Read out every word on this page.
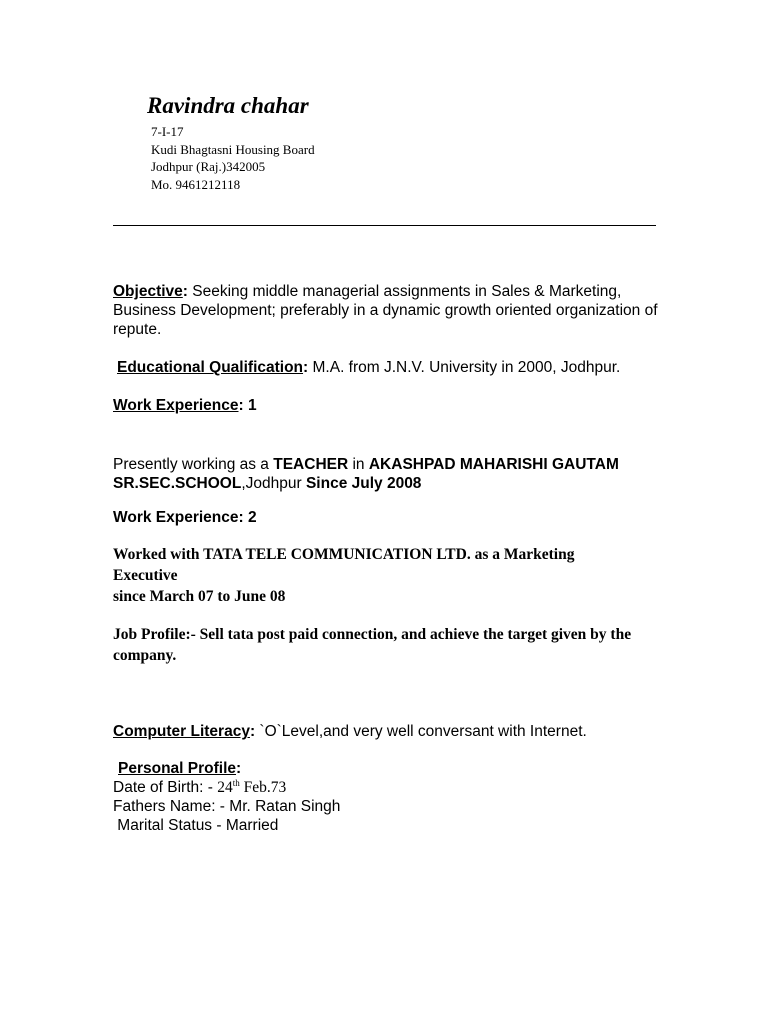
Ravindra chahar
7-I-17
Kudi Bhagtasni Housing Board
Jodhpur (Raj.)342005
Mo. 9461212118
Objective: Seeking middle managerial assignments in Sales & Marketing, Business Development; preferably in a dynamic growth oriented organization of repute.
Educational Qualification: M.A. from J.N.V. University in 2000, Jodhpur.
Work Experience: 1
Presently working as a TEACHER in AKASHPAD MAHARISHI GAUTAM SR.SEC.SCHOOL,Jodhpur Since July 2008
Work Experience: 2
Worked with TATA TELE COMMUNICATION LTD. as a Marketing Executive
since March 07 to June 08
Job Profile:- Sell tata post paid connection, and achieve the target given by the company.
Computer Literacy: `O`Level,and very well conversant with Internet.
Personal Profile:
Date of Birth: - 24th Feb.73
Fathers Name: - Mr. Ratan Singh
Marital Status - Married
